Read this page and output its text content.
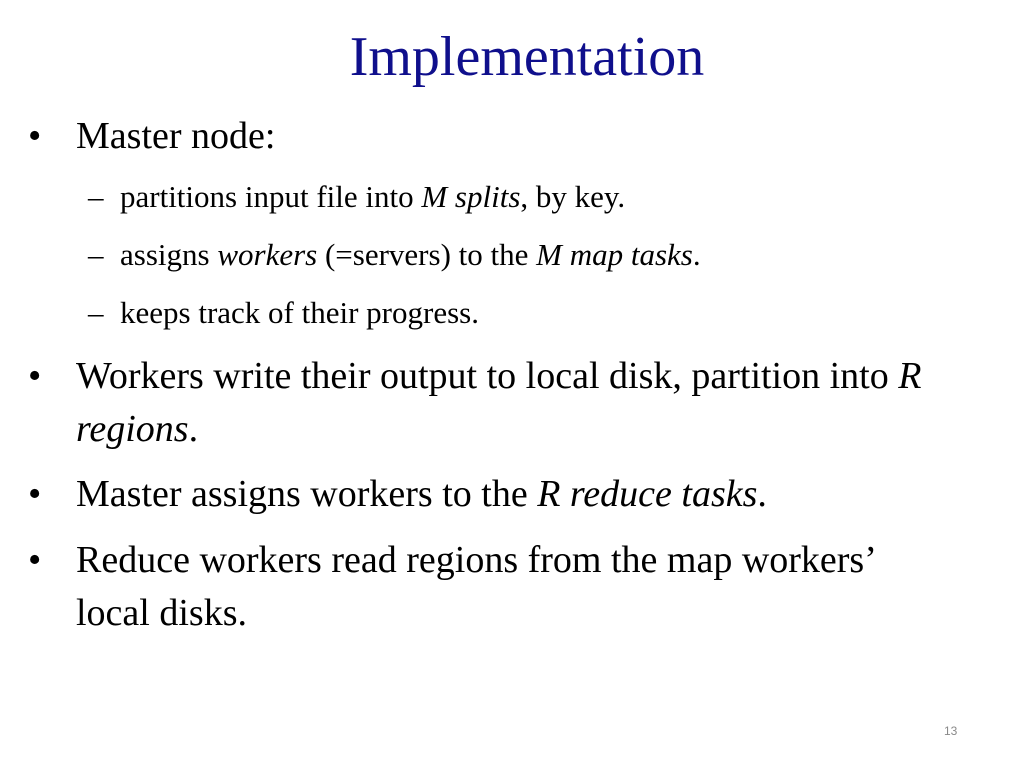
Implementation
• Master node:
– partitions input file into M splits, by key.
– assigns workers (=servers) to the M map tasks.
– keeps track of their progress.
• Workers write their output to local disk, partition into R regions.
• Master assigns workers to the R reduce tasks.
• Reduce workers read regions from the map workers’ local disks.
13
